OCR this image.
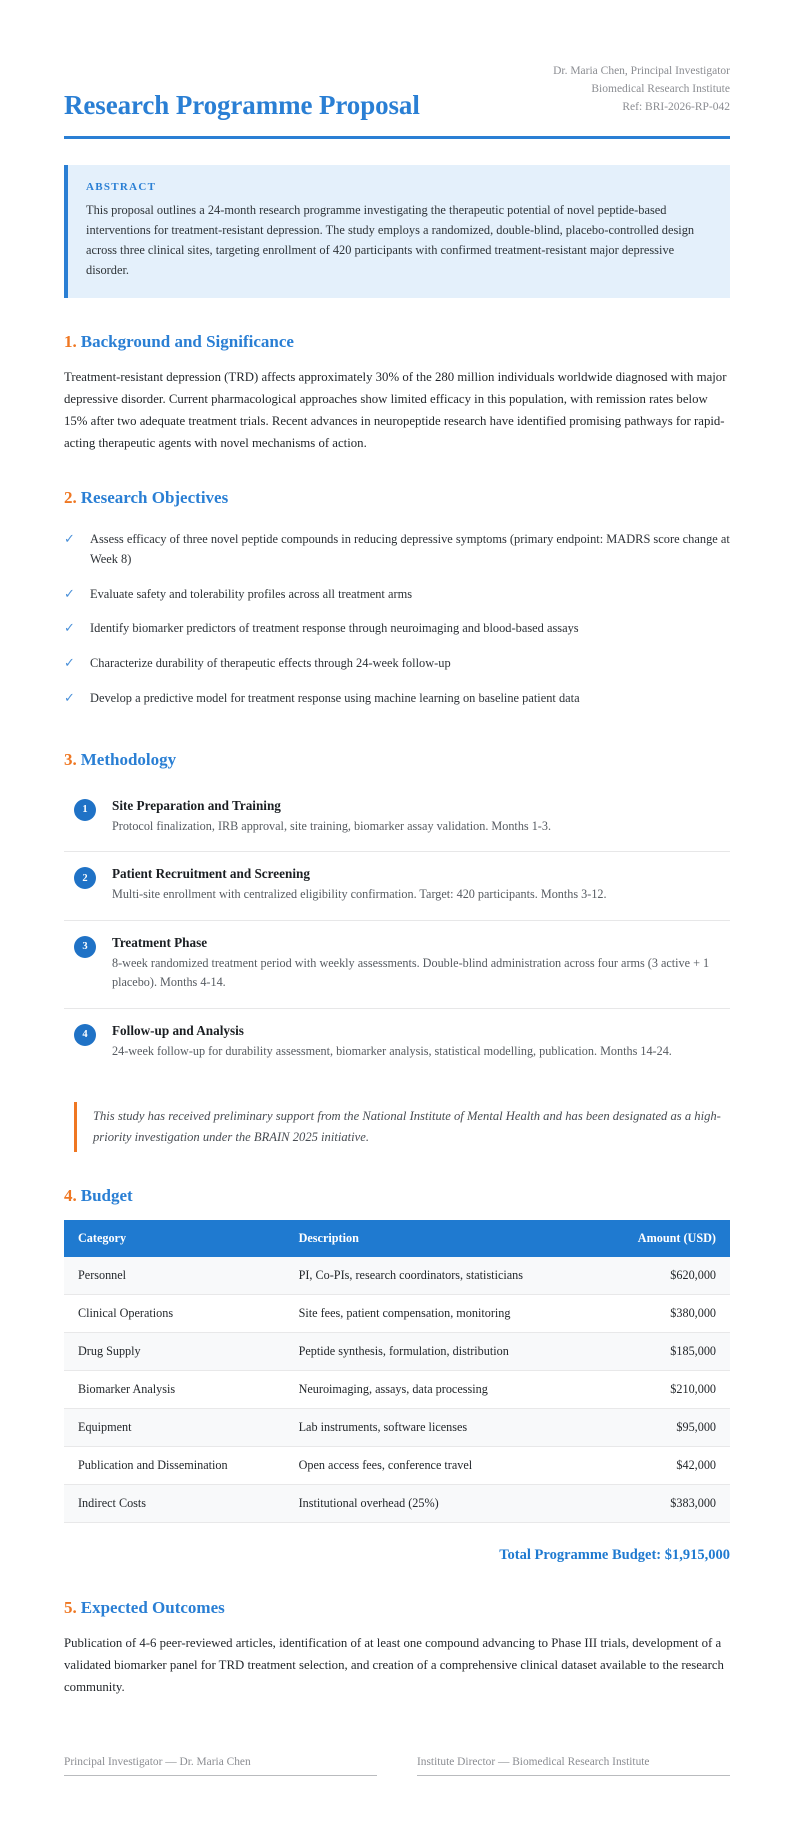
Research Programme Proposal
Dr. Maria Chen, Principal Investigator
Biomedical Research Institute
Ref: BRI-2026-RP-042
ABSTRACT
This proposal outlines a 24-month research programme investigating the therapeutic potential of novel peptide-based interventions for treatment-resistant depression. The study employs a randomized, double-blind, placebo-controlled design across three clinical sites, targeting enrollment of 420 participants with confirmed treatment-resistant major depressive disorder.
1. Background and Significance
Treatment-resistant depression (TRD) affects approximately 30% of the 280 million individuals worldwide diagnosed with major depressive disorder. Current pharmacological approaches show limited efficacy in this population, with remission rates below 15% after two adequate treatment trials. Recent advances in neuropeptide research have identified promising pathways for rapid-acting therapeutic agents with novel mechanisms of action.
2. Research Objectives
✓ Assess efficacy of three novel peptide compounds in reducing depressive symptoms (primary endpoint: MADRS score change at Week 8)
✓ Evaluate safety and tolerability profiles across all treatment arms
✓ Identify biomarker predictors of treatment response through neuroimaging and blood-based assays
✓ Characterize durability of therapeutic effects through 24-week follow-up
✓ Develop a predictive model for treatment response using machine learning on baseline patient data
3. Methodology
1	Site Preparation and Training
Protocol finalization, IRB approval, site training, biomarker assay validation. Months 1-3.
2	Patient Recruitment and Screening
Multi-site enrollment with centralized eligibility confirmation. Target: 420 participants. Months 3-12.
3	Treatment Phase
8-week randomized treatment period with weekly assessments. Double-blind administration across four arms (3 active + 1 placebo). Months 4-14.
4	Follow-up and Analysis
24-week follow-up for durability assessment, biomarker analysis, statistical modelling, publication. Months 14-24.
This study has received preliminary support from the National Institute of Mental Health and has been designated as a high-priority investigation under the BRAIN 2025 initiative.
4. Budget
Category	Description	Amount (USD)
Personnel	PI, Co-PIs, research coordinators, statisticians	$620,000
Clinical Operations	Site fees, patient compensation, monitoring	$380,000
Drug Supply	Peptide synthesis, formulation, distribution	$185,000
Biomarker Analysis	Neuroimaging, assays, data processing	$210,000
Equipment	Lab instruments, software licenses	$95,000
Publication and Dissemination	Open access fees, conference travel	$42,000
Indirect Costs	Institutional overhead (25%)	$383,000
Total Programme Budget: $1,915,000
5. Expected Outcomes
Publication of 4-6 peer-reviewed articles, identification of at least one compound advancing to Phase III trials, development of a validated biomarker panel for TRD treatment selection, and creation of a comprehensive clinical dataset available to the research community.
Principal Investigator — Dr. Maria Chen	Institute Director — Biomedical Research Institute
